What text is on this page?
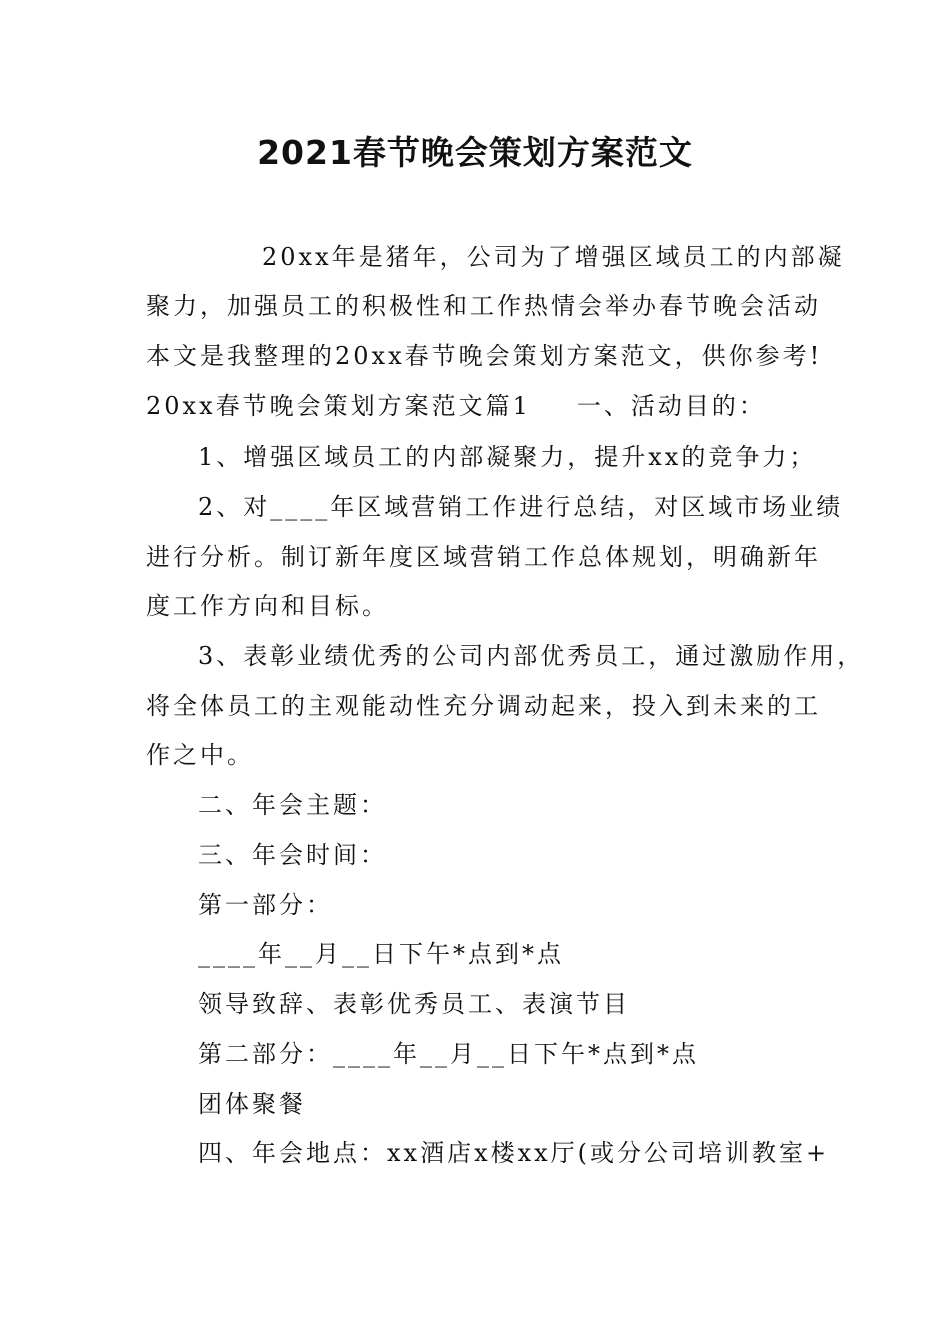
2021春节晚会策划方案范文
20xx年是猪年，公司为了增强区域员工的内部凝
聚力，加强员工的积极性和工作热情会举办春节晚会活动
本文是我整理的20xx春节晚会策划方案范文，供你参考!
20xx春节晚会策划方案范文篇1 一、活动目的：
1、增强区域员工的内部凝聚力，提升xx的竞争力；
2、对____年区域营销工作进行总结，对区域市场业绩
进行分析。制订新年度区域营销工作总体规划，明确新年
度工作方向和目标。
3、表彰业绩优秀的公司内部优秀员工，通过激励作用，
将全体员工的主观能动性充分调动起来，投入到未来的工
作之中。
二、年会主题：
三、年会时间：
第一部分：
____年__月__日下午*点到*点
领导致辞、表彰优秀员工、表演节目
第二部分：____年__月__日下午*点到*点
团体聚餐
四、年会地点：xx酒店x楼xx厅(或分公司培训教室+
